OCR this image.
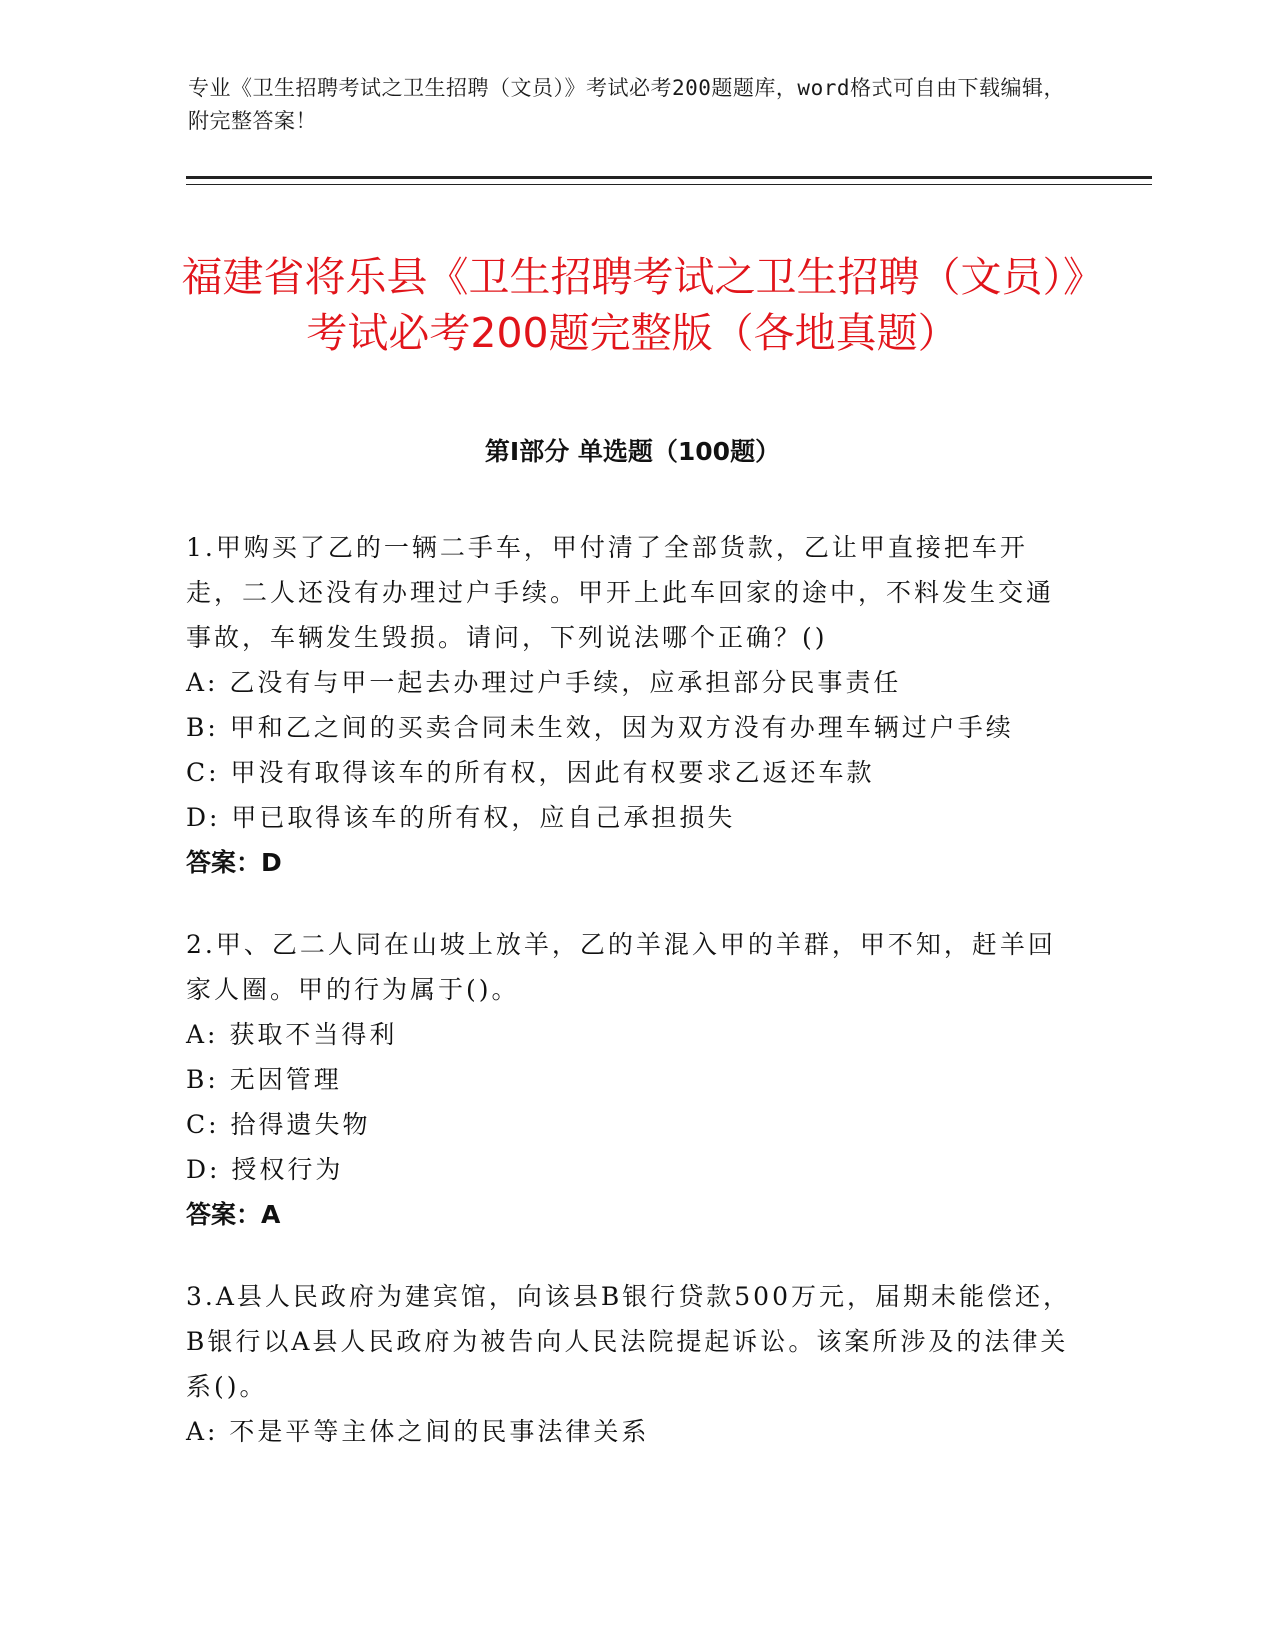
专业《卫生招聘考试之卫生招聘（文员）》考试必考200题题库，word格式可自由下载编辑，附完整答案！
福建省将乐县《卫生招聘考试之卫生招聘（文员）》考试必考200题完整版（各地真题）
第I部分 单选题（100题）

1.甲购买了乙的一辆二手车，甲付清了全部货款，乙让甲直接把车开走，二人还没有办理过户手续。甲开上此车回家的途中，不料发生交通事故，车辆发生毁损。请问，下列说法哪个正确？()

A: 乙没有与甲一起去办理过户手续，应承担部分民事责任

B: 甲和乙之间的买卖合同未生效，因为双方没有办理车辆过户手续

C: 甲没有取得该车的所有权，因此有权要求乙返还车款

D: 甲已取得该车的所有权，应自己承担损失

答案：D

2.甲、乙二人同在山坡上放羊，乙的羊混入甲的羊群，甲不知，赶羊回家人圈。甲的行为属于()。

A: 获取不当得利

B: 无因管理

C: 拾得遗失物

D: 授权行为

答案：A

3.A县人民政府为建宾馆，向该县B银行贷款500万元，届期未能偿还，B银行以A县人民政府为被告向人民法院提起诉讼。该案所涉及的法律关系()。

A: 不是平等主体之间的民事法律关系
